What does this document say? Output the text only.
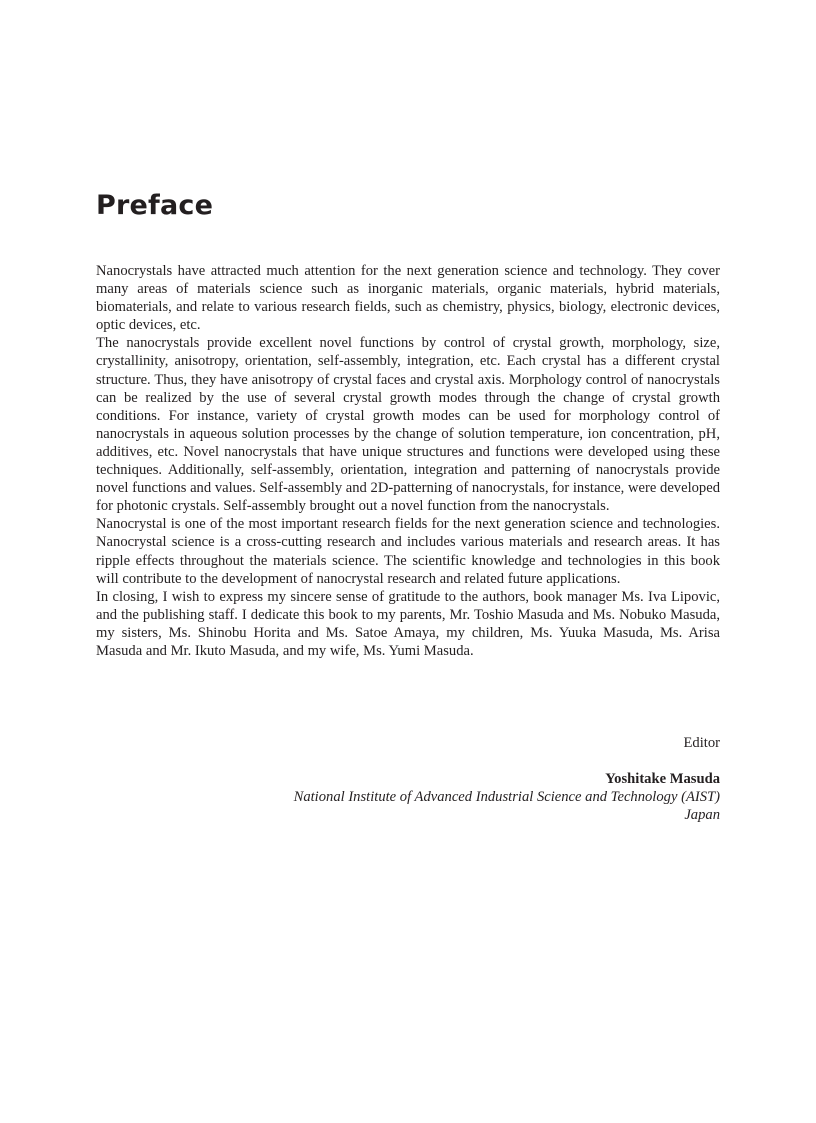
Preface

Nanocrystals have attracted much attention for the next generation science and technology. They cover many areas of materials science such as inorganic materials, organic materials, hybrid materials, biomaterials, and relate to various research fields, such as chemistry, physics, biology, electronic devices, optic devices, etc.

The nanocrystals provide excellent novel functions by control of crystal growth, morphology, size, crystallinity, anisotropy, orientation, self-assembly, integration, etc. Each crystal has a different crystal structure. Thus, they have anisotropy of crystal faces and crystal axis. Morphology control of nanocrystals can be realized by the use of several crystal growth modes through the change of crystal growth conditions. For instance, variety of crystal growth modes can be used for morphology control of nanocrystals in aqueous solution processes by the change of solution temperature, ion concentration, pH, additives, etc. Novel nanocrystals that have unique structures and functions were developed using these techniques. Additionally, self-assembly, orientation, integration and patterning of nanocrystals provide novel functions and values. Self-assembly and 2D-patterning of nanocrystals, for instance, were developed for photonic crystals. Self-assembly brought out a novel function from the nanocrystals.

Nanocrystal is one of the most important research fields for the next generation science and technologies. Nanocrystal science is a cross-cutting research and includes various materials and research areas. It has ripple effects throughout the materials science. The scientific knowledge and technologies in this book will contribute to the development of nanocrystal research and related future applications.

In closing, I wish to express my sincere sense of gratitude to the authors, book manager Ms. Iva Lipovic, and the publishing staff. I dedicate this book to my parents, Mr. Toshio Masuda and Ms. Nobuko Masuda, my sisters, Ms. Shinobu Horita and Ms. Satoe Amaya, my children, Ms. Yuuka Masuda, Ms. Arisa Masuda and Mr. Ikuto Masuda, and my wife, Ms. Yumi Masuda.

Editor
Yoshitake Masuda
National Institute of Advanced Industrial Science and Technology (AIST)
Japan
